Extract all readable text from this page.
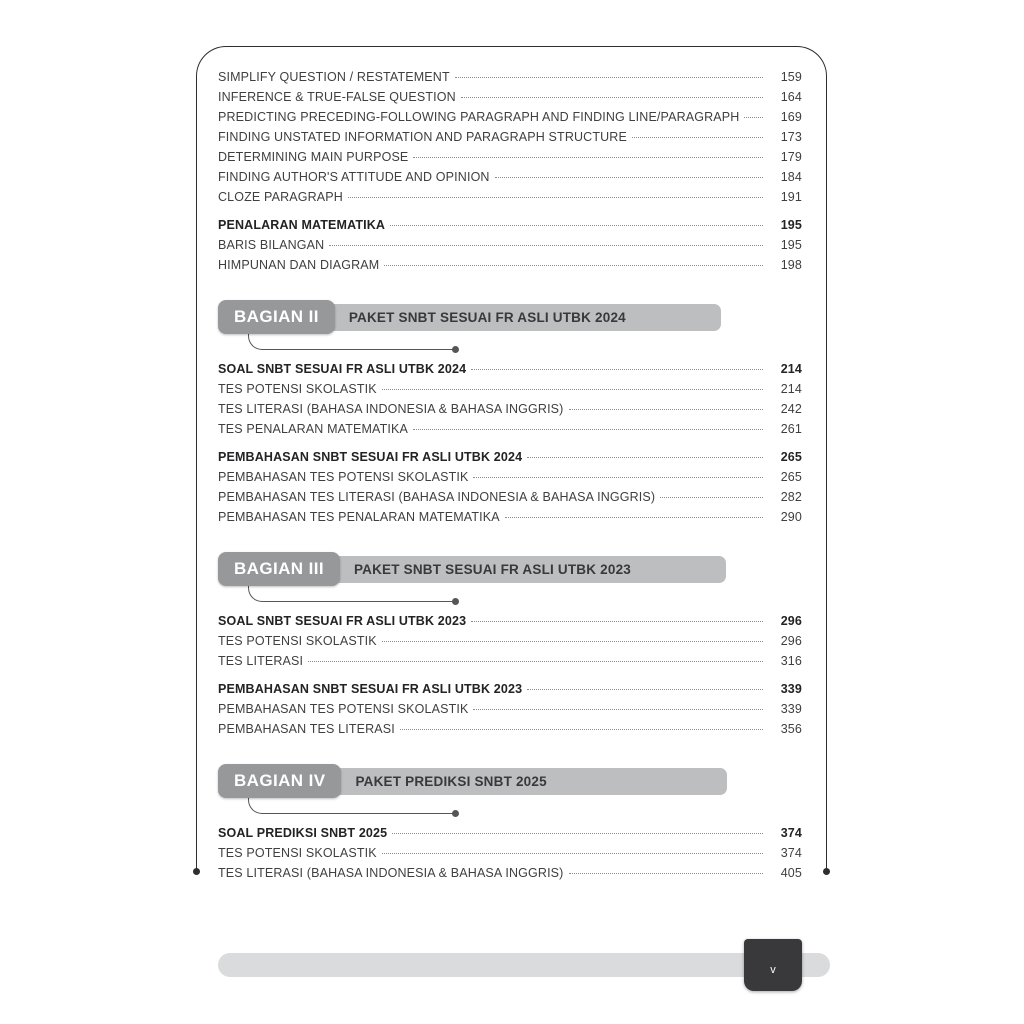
SIMPLIFY QUESTION / RESTATEMENT	159
INFERENCE & TRUE-FALSE QUESTION	164
PREDICTING PRECEDING-FOLLOWING PARAGRAPH AND FINDING LINE/PARAGRAPH	169
FINDING UNSTATED INFORMATION AND PARAGRAPH STRUCTURE	173
DETERMINING MAIN PURPOSE	179
FINDING AUTHOR'S ATTITUDE AND OPINION	184
CLOZE PARAGRAPH	191
PENALARAN MATEMATIKA	195
BARIS BILANGAN	195
HIMPUNAN DAN DIAGRAM	198
BAGIAN II	PAKET SNBT SESUAI FR ASLI UTBK 2024
SOAL SNBT SESUAI FR ASLI UTBK 2024	214
TES POTENSI SKOLASTIK	214
TES LITERASI (BAHASA INDONESIA & BAHASA INGGRIS)	242
TES PENALARAN MATEMATIKA	261
PEMBAHASAN SNBT SESUAI FR ASLI UTBK 2024	265
PEMBAHASAN TES POTENSI SKOLASTIK	265
PEMBAHASAN TES LITERASI (BAHASA INDONESIA & BAHASA INGGRIS)	282
PEMBAHASAN TES PENALARAN MATEMATIKA	290
BAGIAN III	PAKET SNBT SESUAI FR ASLI UTBK 2023
SOAL SNBT SESUAI FR ASLI UTBK 2023	296
TES POTENSI SKOLASTIK	296
TES LITERASI	316
PEMBAHASAN SNBT SESUAI FR ASLI UTBK 2023	339
PEMBAHASAN TES POTENSI SKOLASTIK	339
PEMBAHASAN TES LITERASI	356
BAGIAN IV	PAKET PREDIKSI SNBT 2025
SOAL PREDIKSI SNBT 2025	374
TES POTENSI SKOLASTIK	374
TES LITERASI (BAHASA INDONESIA & BAHASA INGGRIS)	405
v
